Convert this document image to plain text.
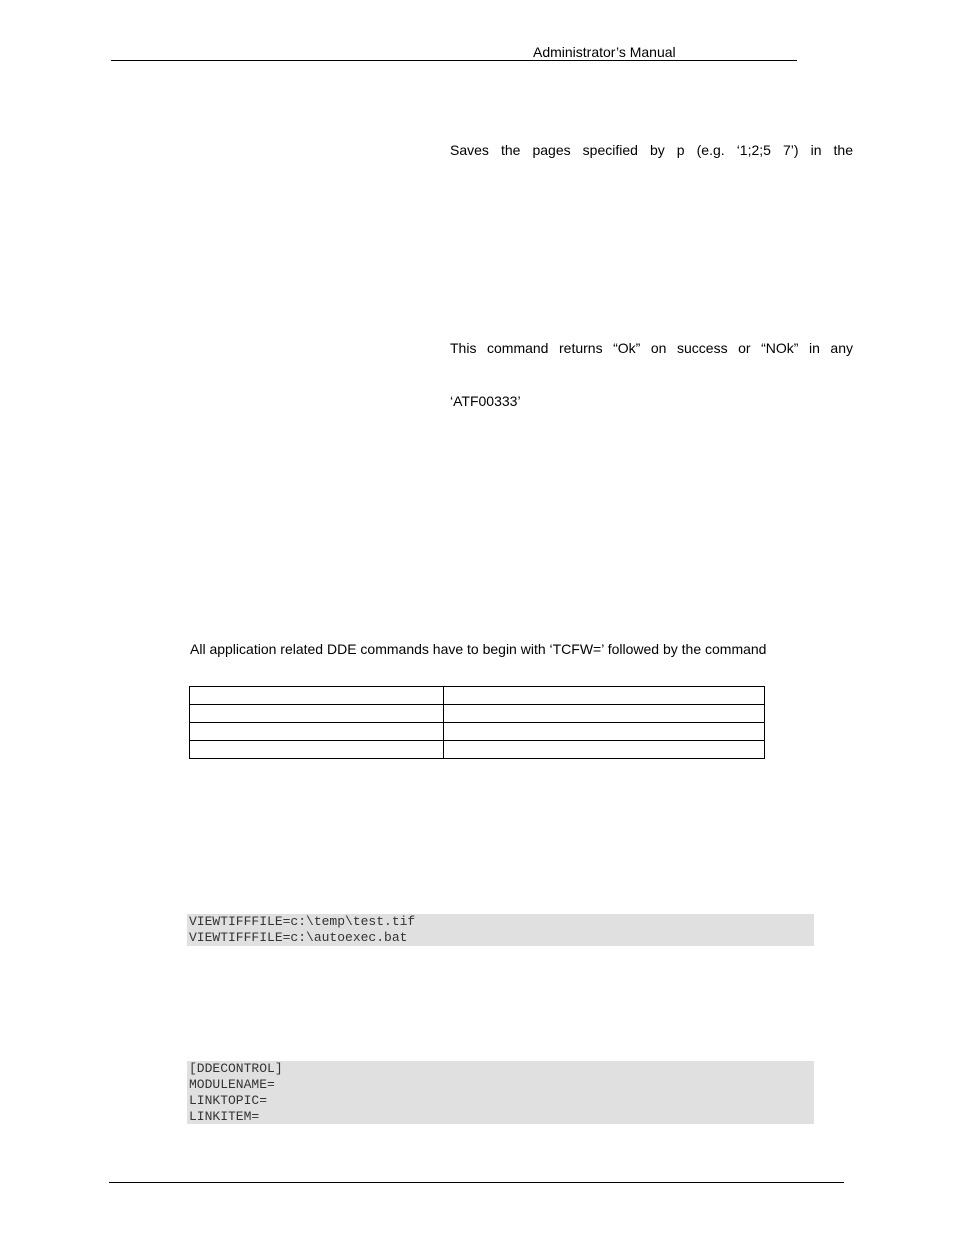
Administrator’s Manual
Saves the pages specified by p (e.g. ‘1;2;5 7’) in the
This command returns “Ok” on success or “NOk” in any
‘ATF00333’
All application related DDE commands have to begin with ‘TCFW=’ followed by the command

VIEWTIFFFILE=c:\temp\test.tif
VIEWTIFFFILE=c:\autoexec.bat
[DDECONTROL]
MODULENAME=
LINKTOPIC=
LINKITEM=
